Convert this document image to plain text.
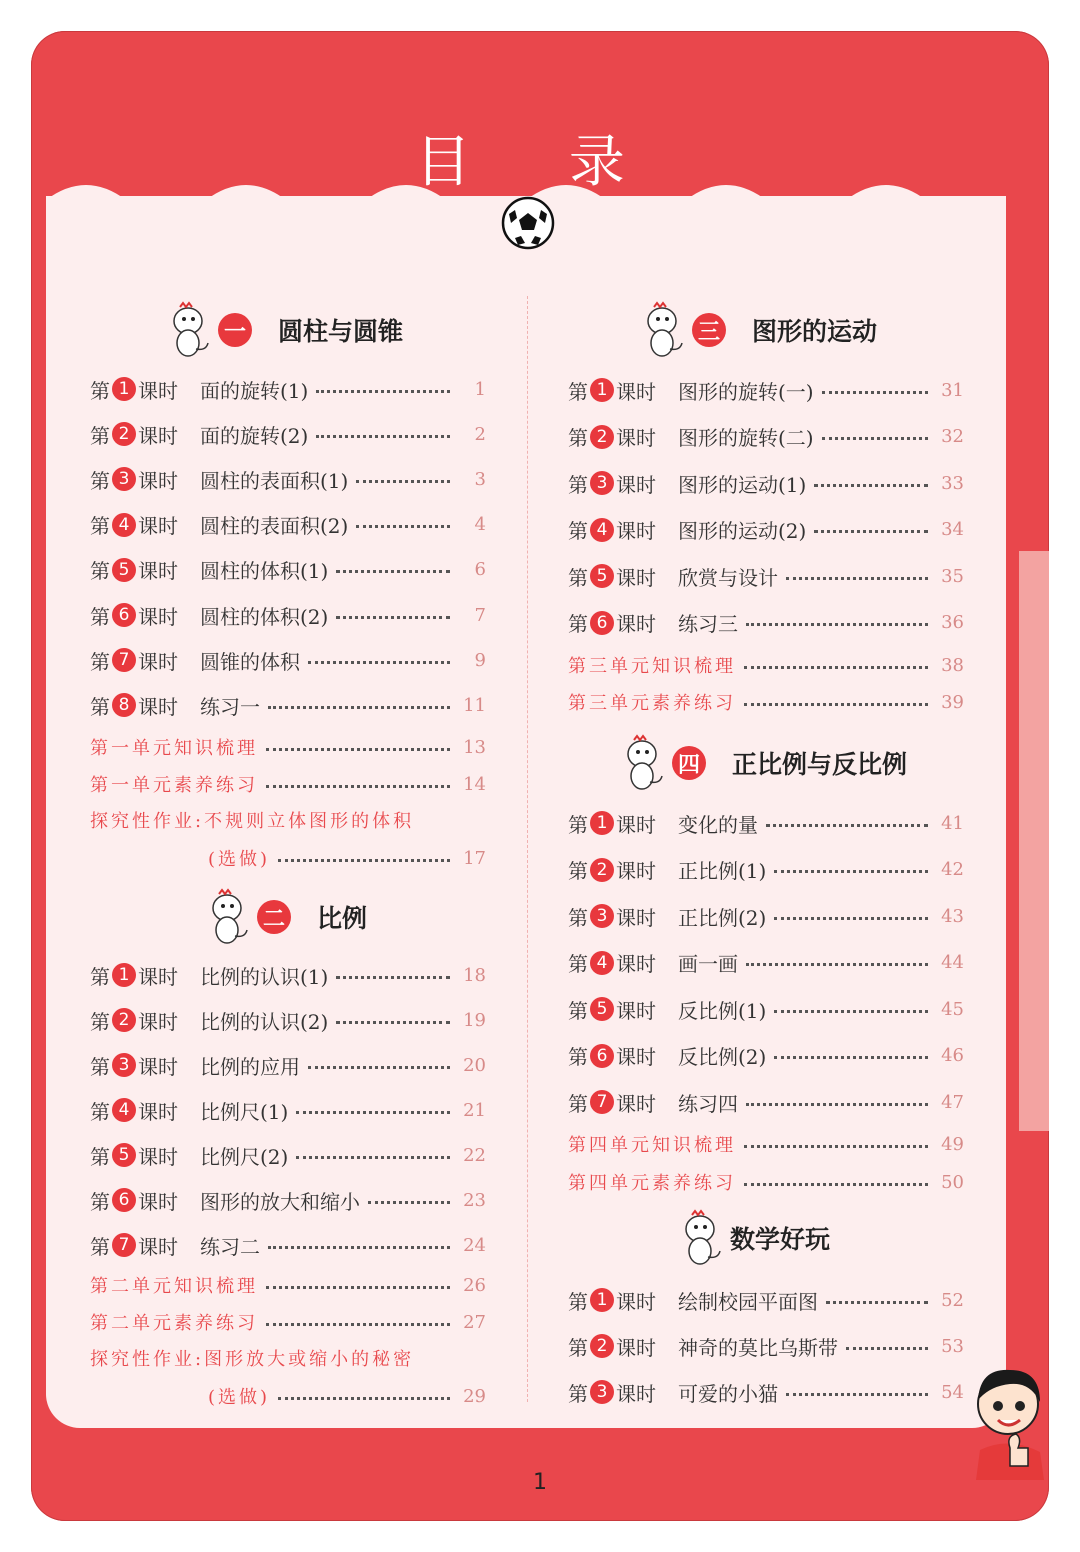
目 录
一 圆柱与圆锥
第 1 课时 面的旋转(1)	1
第 2 课时 面的旋转(2)	2
第 3 课时 圆柱的表面积(1)	3
第 4 课时 圆柱的表面积(2)	4
第 5 课时 圆柱的体积(1)	6
第 6 课时 圆柱的体积(2)	7
第 7 课时 圆锥的体积	9
第 8 课时 练习一	11
第一单元知识梳理	13
第一单元素养练习	14
探究性作业:不规则立体图形的体积
(选做)	17
二 比例
第 1 课时 比例的认识(1)	18
第 2 课时 比例的认识(2)	19
第 3 课时 比例的应用	20
第 4 课时 比例尺(1)	21
第 5 课时 比例尺(2)	22
第 6 课时 图形的放大和缩小	23
第 7 课时 练习二	24
第二单元知识梳理	26
第二单元素养练习	27
探究性作业:图形放大或缩小的秘密
(选做)	29
三 图形的运动
第 1 课时 图形的旋转(一)	31
第 2 课时 图形的旋转(二)	32
第 3 课时 图形的运动(1)	33
第 4 课时 图形的运动(2)	34
第 5 课时 欣赏与设计	35
第 6 课时 练习三	36
第三单元知识梳理	38
第三单元素养练习	39
四 正比例与反比例
第 1 课时 变化的量	41
第 2 课时 正比例(1)	42
第 3 课时 正比例(2)	43
第 4 课时 画一画	44
第 5 课时 反比例(1)	45
第 6 课时 反比例(2)	46
第 7 课时 练习四	47
第四单元知识梳理	49
第四单元素养练习	50
数学好玩
第 1 课时 绘制校园平面图	52
第 2 课时 神奇的莫比乌斯带	53
第 3 课时 可爱的小猫	54
1
